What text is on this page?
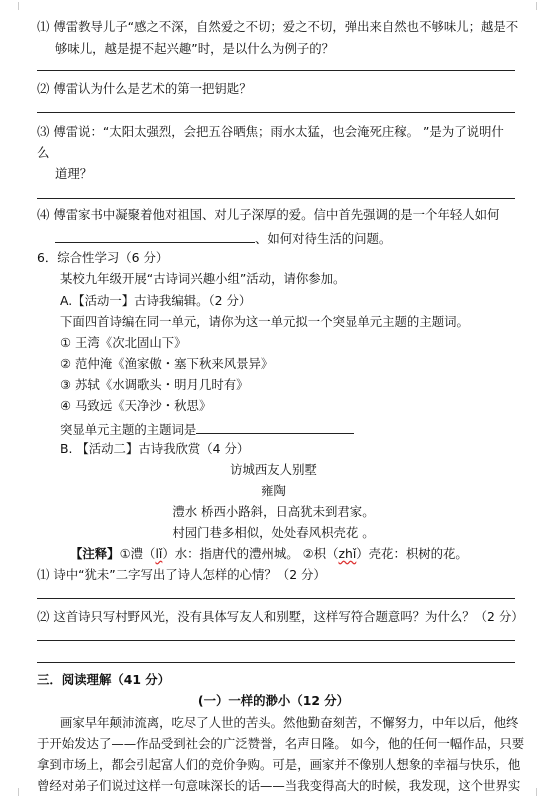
⑴ 傅雷教导儿子“感之不深，自然爱之不切；爱之不切，弹出来自然也不够味儿；越是不
够味儿，越是提不起兴趣”时，是以什么为例子的？
⑵ 傅雷认为什么是艺术的第一把钥匙？
⑶ 傅雷说：“太阳太强烈，会把五谷晒焦；雨水太猛，也会淹死庄稼。 ”是为了说明什
么
道理？
⑷ 傅雷家书中凝聚着他对祖国、对儿子深厚的爱。信中首先强调的是一个年轻人如何
、如何对待生活的问题。
6．综合性学习（6 分）
某校九年级开展“古诗词兴趣小组”活动，请你参加。
A.【活动一】古诗我编辑。（2 分）
下面四首诗编在同一单元，请你为这一单元拟一个突显单元主题的主题词。
① 王湾《次北固山下》
② 范仲淹《渔家傲・塞下秋来风景异》
③ 苏轼《水调歌头・明月几时有》
④ 马致远《天净沙・秋思》
突显单元主题的主题词是
B. 【活动二】古诗我欣赏（4 分）
访城西友人别墅
雍陶
澧水 桥西小路斜，日高犹未到君家。
村园门巷多相似，处处春风枳壳花 。
【注释】①澧（lǐ）水：指唐代的澧州城。 ②枳（zhǐ）壳花：枳树的花。
⑴ 诗中“犹未”二字写出了诗人怎样的心情？（2 分）
⑵ 这首诗只写村野风光，没有具体写友人和别墅，这样写符合题意吗？为什么？（2 分）
三．阅读理解（41 分）
(一）一样的渺小（12 分）
画家早年颠沛流离，吃尽了人世的苦头。然他勤奋刻苦，不懈努力，中年以后，他终
于开始发达了——作品受到社会的广泛赞誉，名声日隆。 如今，他的任何一幅作品，只要
拿到市场上，都会引起富人们的竞价争购。可是，画家并不像别人想象的幸福与快乐，他
曾经对弟子们说过这样一句意味深长的话——当我变得高大的时候，我发现，这个世界实
